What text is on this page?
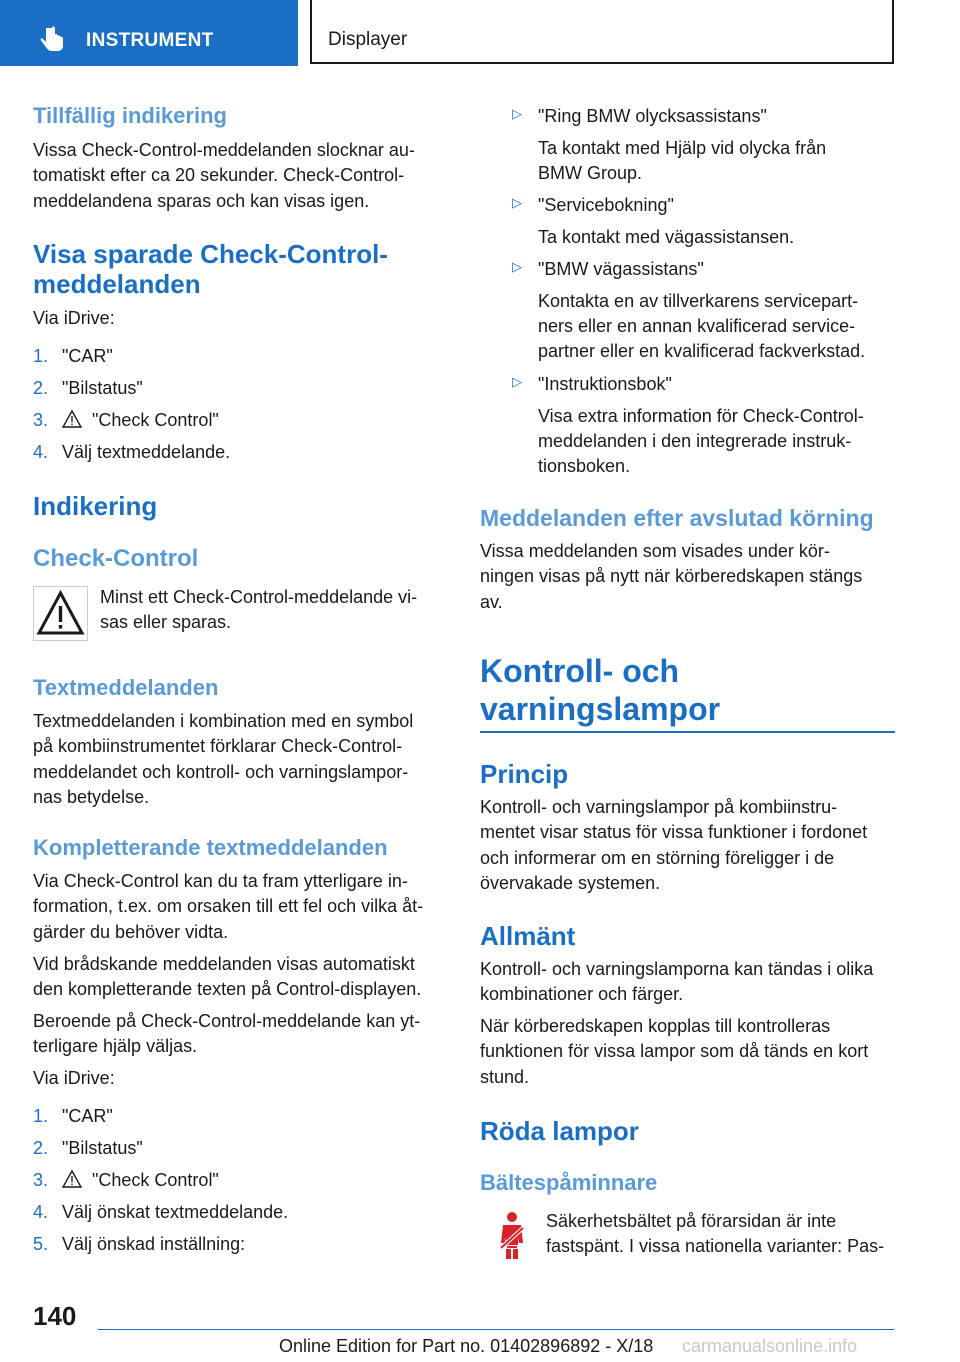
INSTRUMENT	Displayer
Tillfällig indikering

Vissa Check-Control-meddelanden slocknar au-

tomatiskt efter ca 20 sekunder. Check-Control-

meddelandena sparas och kan visas igen.

Visa sparade Check-Control-
meddelanden

Via iDrive:

1. "CAR"
2. "Bilstatus"
3.	"Check Control"
4. Välj textmeddelande.
Indikering
Check-Control

Minst ett Check-Control-meddelande vi-

sas eller sparas.

Textmeddelanden

Textmeddelanden i kombination med en symbol

på kombiinstrumentet förklarar Check-Control-

meddelandet och kontroll- och varningslampor-

nas betydelse.

Kompletterande textmeddelanden

Via Check-Control kan du ta fram ytterligare in-

formation, t.ex. om orsaken till ett fel och vilka åt-

gärder du behöver vidta.

Vid brådskande meddelanden visas automatiskt

den kompletterande texten på Control-displayen.

Beroende på Check-Control-meddelande kan yt-

terligare hjälp väljas.

Via iDrive:

1. "CAR"
2. "Bilstatus"
3.	"Check Control"
4. Välj önskat textmeddelande.
5. Välj önskad inställning:
▷ "Ring BMW olycksassistans"
Ta kontakt med Hjälp vid olycka från
BMW Group.
▷ "Servicebokning"
Ta kontakt med vägassistansen.
▷ "BMW vägassistans"
Kontakta en av tillverkarens servicepart-
ners eller en annan kvalificerad service-
partner eller en kvalificerad fackverkstad.
▷ "Instruktionsbok"
Visa extra information för Check-Control-
meddelanden i den integrerade instruk-
tionsboken.
Meddelanden efter avslutad körning

Vissa meddelanden som visades under kör-

ningen visas på nytt när körberedskapen stängs

av.

Kontroll- och
varningslampor
Princip

Kontroll- och varningslampor på kombiinstru-

mentet visar status för vissa funktioner i fordonet

och informerar om en störning föreligger i de

övervakade systemen.

Allmänt

Kontroll- och varningslamporna kan tändas i olika

kombinationer och färger.

När körberedskapen kopplas till kontrolleras

funktionen för vissa lampor som då tänds en kort

stund.

Röda lampor
Bältespåminnare

Säkerhetsbältet på förarsidan är inte

fastspänt. I vissa nationella varianter: Pas-

140
Online Edition for Part no. 01402896892 - X/18 carmanualsonline.info
